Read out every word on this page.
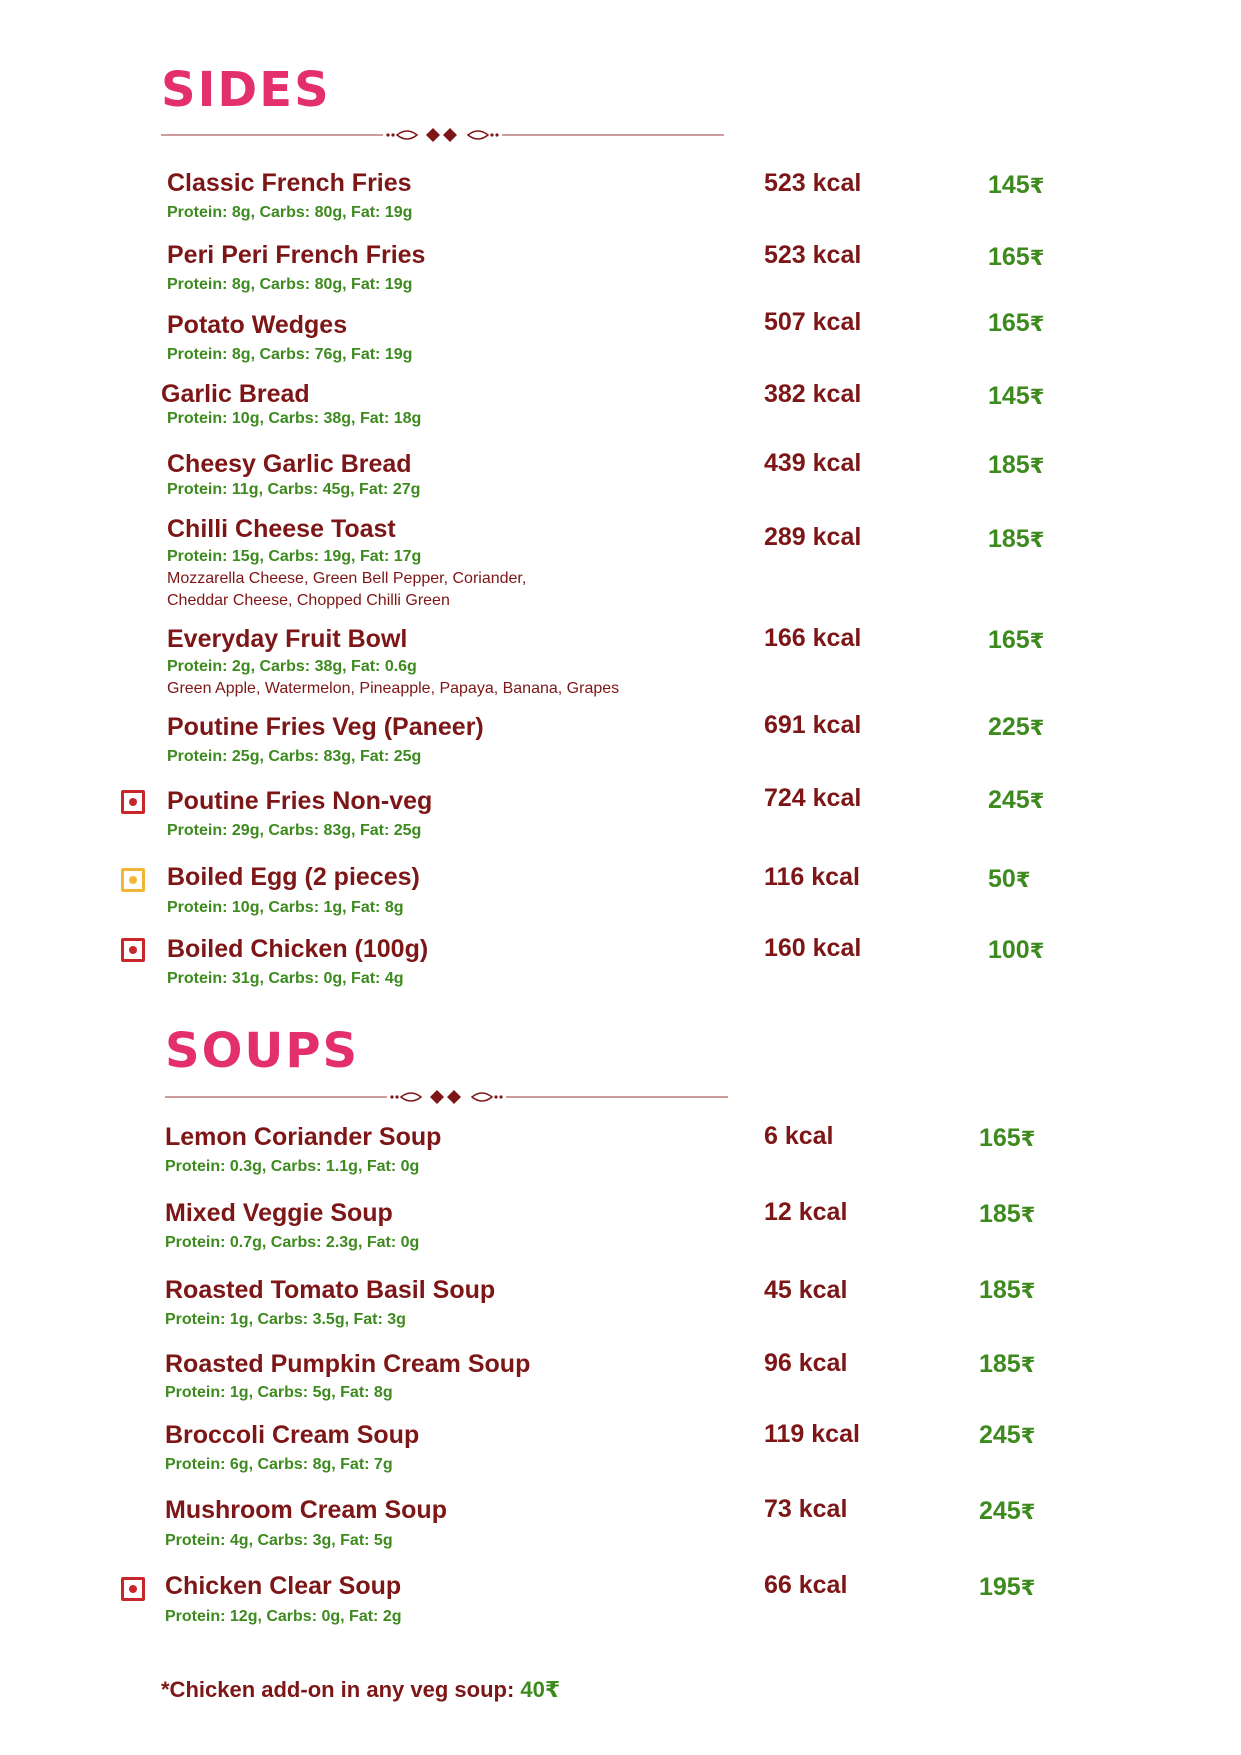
SIDES
Classic French Fries
Protein: 8g, Carbs: 80g, Fat: 19g
523 kcal	145₹
Peri Peri French Fries
Protein: 8g, Carbs: 80g, Fat: 19g
523 kcal	165₹
Potato Wedges
Protein: 8g, Carbs: 76g, Fat: 19g
507 kcal	165₹
Garlic Bread
Protein: 10g, Carbs: 38g, Fat: 18g
382 kcal	145₹
Cheesy Garlic Bread
Protein: 11g, Carbs: 45g, Fat: 27g
439 kcal	185₹
Chilli Cheese Toast
Protein: 15g, Carbs: 19g, Fat: 17g
Mozzarella Cheese, Green Bell Pepper, Coriander,
Cheddar Cheese, Chopped Chilli Green
289 kcal	185₹
Everyday Fruit Bowl
Protein: 2g, Carbs: 38g, Fat: 0.6g
Green Apple, Watermelon, Pineapple, Papaya, Banana, Grapes
166 kcal	165₹
Poutine Fries Veg (Paneer)
Protein: 25g, Carbs: 83g, Fat: 25g
691 kcal	225₹
Poutine Fries Non-veg
Protein: 29g, Carbs: 83g, Fat: 25g
724 kcal	245₹
Boiled Egg (2 pieces)
Protein: 10g, Carbs: 1g, Fat: 8g
116 kcal	50₹
Boiled Chicken (100g)
Protein: 31g, Carbs: 0g, Fat: 4g
160 kcal	100₹
SOUPS
Lemon Coriander Soup
Protein: 0.3g, Carbs: 1.1g, Fat: 0g
6 kcal	165₹
Mixed Veggie Soup
Protein: 0.7g, Carbs: 2.3g, Fat: 0g
12 kcal	185₹
Roasted Tomato Basil Soup
Protein: 1g, Carbs: 3.5g, Fat: 3g
45 kcal	185₹
Roasted Pumpkin Cream Soup
Protein: 1g, Carbs: 5g, Fat: 8g
96 kcal	185₹
Broccoli Cream Soup
Protein: 6g, Carbs: 8g, Fat: 7g
119 kcal	245₹
Mushroom Cream Soup
Protein: 4g, Carbs: 3g, Fat: 5g
73 kcal	245₹
Chicken Clear Soup
Protein: 12g, Carbs: 0g, Fat: 2g
66 kcal	195₹
*Chicken add-on in any veg soup: 40₹
